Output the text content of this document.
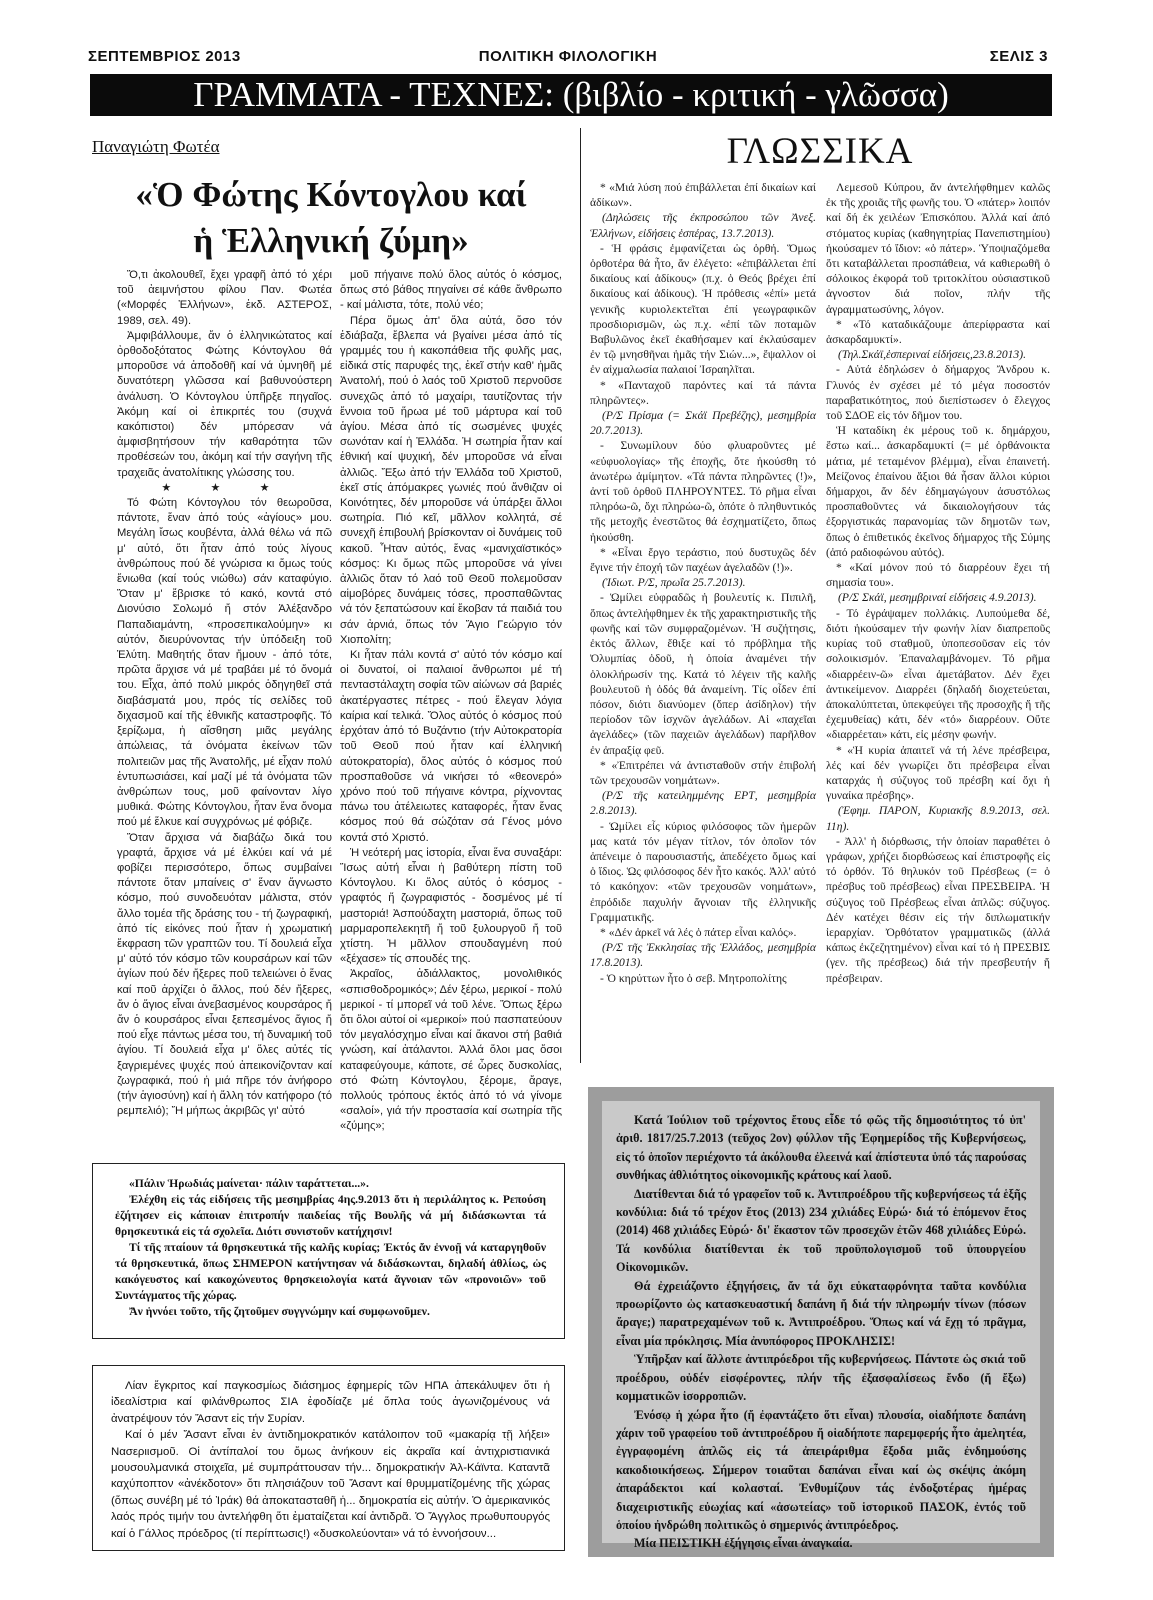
ΣΕΠΤΕΜΒΡΙΟΣ 2013	ΠΟΛΙΤΙΚΗ ΦΙΛΟΛΟΓΙΚΗ	ΣΕΛΙΣ 3
ΓΡΑΜΜΑΤΑ - ΤΕΧΝΕΣ: (βιβλίο - κριτική - γλῶσσα)
Παναγιώτη Φωτέα
«Ὁ Φώτης Κόντογλου καί
ἡ Ἑλληνική ζύμη»

Ὅ,τι ἀκολουθεῖ, ἔχει γραφῆ ἀπό τό χέρι τοῦ ἀειμνήστου φίλου Παν. Φωτέα («Μορφές Ἑλλήνων», ἐκδ. ΑΣΤΕΡΟΣ, 1989, σελ. 49).

Ἀμφιβάλλουμε, ἄν ὁ ἐλληνικώτατος καί ὀρθοδοξότατος Φώτης Κόντογλου θά μποροῦσε νά ἀποδοθῆ καί νά ὑμνηθῆ μέ δυνατότερη γλῶσσα καί βαθυνούστερη ἀνάλυση. Ὁ Κόντογλου ὑπῆρξε πηγαῖος. Ἀκόμη καί οἱ ἐπικριτές του (συχνά κακόπιστοι) δέν μπόρεσαν νά ἀμφισβητήσουν τήν καθαρότητα τῶν προθέσεών του, ἀκόμη καί τήν σαγήνη τῆς τραχειᾶς ἀνατολίτικης γλώσσης του.

★ ★ ★

Τό Φώτη Κόντογλου τόν θεωροῦσα, πάντοτε, ἕναν ἀπό τούς «ἁγίους» μου. Μεγάλη ἴσως κουβέντα, ἀλλά θέλω νά πῶ μ' αὐτό, ὅτι ἦταν ἀπό τούς λίγους ἀνθρώπους πού δέ γνώρισα κι ὅμως τούς ἔνιωθα (καί τούς νιώθω) σάν καταφύγιο. Ὅταν μ' ἔβρισκε τό κακό, κοντά στό Διονύσιο Σολωμό ἤ στόν Ἀλέξανδρο Παπαδιαμάντη, «προσεπικαλούμην» κι αὐτόν, διευρύνοντας τήν ὑπόδειξη τοῦ Ἐλύτη. Μαθητής ὅταν ἤμουν - ἀπό τότε, πρῶτα ἄρχισε νά μέ τραβάει μέ τό ὄνομά του. Εἶχα, ἀπό πολύ μικρός ὁδηγηθεῖ στά διαβάσματά μου, πρός τίς σελίδες τοῦ διχασμοῦ καί τῆς ἐθνικῆς καταστροφῆς. Τό ξερίζωμα, ἡ αἴσθηση μιᾶς μεγάλης ἀπώλειας, τά ὀνόματα ἐκείνων τῶν πολιτειῶν μας τῆς Ἀνατολῆς, μέ εἶχαν πολύ ἐντυπωσιάσει, καί μαζί μέ τά ὀνόματα τῶν ἀνθρώπων τους, μοῦ φαίνονταν λίγο μυθικά. Φώτης Κόντογλου, ἦταν ἕνα ὄνομα πού μέ ἕλκυε καί συγχρόνως μέ φόβιζε.

Ὅταν ἄρχισα νά διαβάζω δικά του γραφτά, ἄρχισε νά μέ ἑλκύει καί νά μέ φοβίζει περισσότερο, ὅπως συμβαίνει πάντοτε ὅταν μπαίνεις σ' ἕναν ἄγνωστο κόσμο, πού συνοδευόταν μάλιστα, στόν ἄλλο τομέα τῆς δράσης του - τή ζωγραφική, ἀπό τίς εἰκόνες πού ἦταν ἡ χρωματική ἔκφραση τῶν γραπτῶν του. Τί δουλειά εἶχα μ' αὐτό τόν κόσμο τῶν κουρσάρων καί τῶν ἁγίων πού δέν ἤξερες ποῦ τελειώνει ὁ ἕνας καί ποῦ ἀρχίζει ὁ ἄλλος, πού δέν ἤξερες, ἄν ὁ ἅγιος εἶναι ἀνεβασμένος κουρσάρος ἤ ἄν ὁ κουρσάρος εἶναι ξεπεσμένος ἅγιος ἤ πού εἶχε πάντως μέσα του, τή δυναμική τοῦ ἁγίου. Τί δουλειά εἶχα μ' ὅλες αὐτές τίς ξαγριεμένες ψυχές πού ἀπεικονίζονταν καί ζωγραφικά, πού ἡ μιά πῆρε τόν ἀνήφορο (τήν ἁγιοσύνη) καί ἡ ἄλλη τόν κατήφορο (τό ρεμπελιό); Ἤ μήπως ἀκριβῶς γι' αὐτό

μοῦ πήγαινε πολύ ὅλος αὐτός ὁ κόσμος, ὅπως στό βάθος πηγαίνει σέ κάθε ἄνθρωπο - καί μάλιστα, τότε, πολύ νέο;

Πέρα ὅμως ἀπ' ὅλα αὐτά, ὅσο τόν ἐδιάβαζα, ἔβλεπα νά βγαίνει μέσα ἀπό τίς γραμμές του ἡ κακοπάθεια τῆς φυλῆς μας, εἰδικά στίς παρυφές της, ἐκεῖ στήν καθ' ἡμᾶς Ἀνατολή, πού ὁ λαός τοῦ Χριστοῦ περνοῦσε συνεχῶς ἀπό τό μαχαίρι, ταυτίζοντας τήν ἔννοια τοῦ ἥρωα μέ τοῦ μάρτυρα καί τοῦ ἁγίου. Μέσα ἀπό τίς σωσμένες ψυχές σωνόταν καί ἡ Ἑλλάδα. Ἡ σωτηρία ἦταν καί ἐθνική καί ψυχική, δέν μποροῦσε νά εἶναι ἀλλιῶς. Ἔξω ἀπό τήν Ἑλλάδα τοῦ Χριστοῦ, ἐκεῖ στίς ἀπόμακρες γωνιές πού ἄνθιζαν οἱ Κοινότητες, δέν μποροῦσε νά ὑπάρξει ἄλλοι σωτηρία. Πιό κεῖ, μᾶλλον κολλητά, σέ συνεχῆ ἐπιβουλή βρίσκονταν οἱ δυνάμεις τοῦ κακοῦ. Ἦταν αὐτός, ἕνας «μανιχαϊστικός» κόσμος: Κι ὅμως πῶς μποροῦσε νά γίνει ἀλλιῶς ὅταν τό λαό τοῦ Θεοῦ πολεμοῦσαν αἱμοβόρες δυνάμεις τόσες, προσπαθῶντας νά τόν ξεπατώσουν καί ἔκοβαν τά παιδιά του σάν ἀρνιά, ὅπως τόν Ἅγιο Γεώργιο τόν Χιοπολίτη;

Κι ἦταν πάλι κοντά σ' αὐτό τόν κόσμο καί οἱ δυνατοί, οἱ παλαιοί ἄνθρωποι μέ τή πενταστάλαχτη σοφία τῶν αἰώνων σά βαριές ἀκατέργαστες πέτρες - πού ἔλεγαν λόγια καίρια καί τελικά. Ὅλος αὐτός ὁ κόσμος πού ἐρχόταν ἀπό τό Βυζάντιο (τήν Αὐτοκρατορία τοῦ Θεοῦ πού ἦταν καί ἑλληνική αὐτοκρατορία), ὅλος αὐτός ὁ κόσμος πού προσπαθοῦσε νά νικήσει τό «θεονερό» χρόνο πού τοῦ πήγαινε κόντρα, ρίχνοντας πάνω του ἀτέλειωτες καταφορές, ἦταν ἕνας κόσμος πού θά σώζόταν σά Γένος μόνο κοντά στό Χριστό.

Ἡ νεότερή μας ἱστορία, εἶναι ἕνα συναξάρι: Ἴσως αὐτή εἶναι ἡ βαθύτερη πίστη τοῦ Κόντογλου. Κι ὅλος αὐτός ὁ κόσμος - γραφτός ἤ ζωγραφιστός - δοσμένος μέ τί μαστοριά! Ἀσπούδαχτη μαστοριά, ὅπως τοῦ μαρμαροπελεκητῆ ἤ τοῦ ξυλουργοῦ ἤ τοῦ χτίστη. Ἡ μᾶλλον σπουδαγμένη πού «ξέχασε» τίς σπουδές της.

Ἀκραῖος, ἀδιάλλακτος, μονολιθικός «σπισθοδρομικός»; Δέν ξέρω, μερικοί - πολύ μερικοί - τί μπορεῖ νά τοῦ λένε. Ὅπως ξέρω ὅτι ὅλοι αὐτοί οἱ «μερικοί» πού πασπατεύουν τόν μεγαλόσχημο εἶναι καί ἄκανοι στή βαθιά γνώση, καί ἀτάλαντοι. Ἀλλά ὅλοι μας ὅσοι καταφεύγουμε, κάποτε, σέ ὧρες δυσκολίας, στό Φώτη Κόντογλου, ξέρομε, ἄραγε, πολλούς τρόπους ἐκτός ἀπό τό νά γίνομε «σαλοί», γιά τήν προστασία καί σωτηρία τῆς «ζύμης»;

ΓΛΩΣΣΙΚΑ

* «Μιά λύση πού ἐπιβάλλεται ἐπί δικαίων καί ἀδίκων».

(Δηλώσεις τῆς ἐκπροσώπου τῶν Ἀνεξ. Ἑλλήνων, εἰδήσεις ἑσπέρας, 13.7.2013).

- Ἡ φράσις ἐμφανίζεται ὡς ὀρθή. Ὅμως ὀρθοτέρα θά ἦτο, ἄν ἐλέγετο: «ἐπιβάλλεται ἐπί δικαίους καί ἀδίκους» (π.χ. ὁ Θεός βρέχει ἐπί δικαίους καί ἀδίκους). Ἡ πρόθεσις «ἐπί» μετά γενικῆς κυριολεκτεῖται ἐπί γεωγραφικῶν προσδιορισμῶν, ὡς π.χ. «ἐπί τῶν ποταμῶν Βαβυλῶνος ἐκεῖ ἐκαθήσαμεν καί ἐκλαύσαμεν ἐν τῷ μνησθῆναι ἡμᾶς τήν Σιών...», ἔψαλλον οἱ ἐν αἰχμαλωσία παλαιοί Ἰσραηλῖται.

* «Πανταχοῦ παρόντες καί τά πάντα πληρῶντες».

(Ρ/Σ Πρίσμα (= Σκάϊ Πρεβέζης), μεσημβρία 20.7.2013).

- Συνωμίλουν δύο φλυαροῦντες μέ «εὐφυολογίας» τῆς ἐποχῆς, ὅτε ἠκούσθη τό ἀνωτέρω ἀμίμητον. «Τά πάντα πληρῶντες (!)», ἀντί τοῦ ὀρθοῦ ΠΛΗΡΟΥΝΤΕΣ. Τό ρῆμα εἶναι πληρόω-ῶ, ὄχι πληρώω-ῶ, ὁπότε ὁ πληθυντικός τῆς μετοχῆς ἐνεστῶτος θά ἐσχηματίζετο, ὅπως ἠκούσθη.

* «Εἶναι ἔργο τεράστιο, πού δυστυχῶς δέν ἔγινε τήν ἐποχή τῶν παχέων ἀγελαδῶν (!)».

(Ἰδιωτ. Ρ/Σ, πρωΐα 25.7.2013).

- Ὡμίλει εὐφραδῶς ἡ βουλευτίς κ. Πιπιλῆ, ὅπως ἀντελήφθημεν ἐκ τῆς χαρακτηριστικῆς τῆς φωνῆς καί τῶν συμφραζομένων. Ἡ συζήτησις, ἐκτός ἄλλων, ἔθιξε καί τό πρόβλημα τῆς Ὀλυμπίας ὁδοῦ, ἡ ὁποία ἀναμένει τήν ὁλοκλήρωσίν της. Κατά τό λέγειν τῆς καλῆς βουλευτοῦ ἡ ὁδός θά ἀναμείνη. Τίς οἶδεν ἐπί πόσον, διότι διανύομεν (ὅπερ ἀσίδηλον) τήν περίοδον τῶν ἰσχνῶν ἀγελάδων. Αἱ «παχεῖαι ἀγελάδες» (τῶν παχειῶν ἀγελάδων) παρῆλθον ἐν ἀπραξίᾳ φεῦ.

* «Ἐπιτρέπει νά ἀντισταθοῦν στήν ἐπιβολή τῶν τρεχουσῶν νοημάτων».

(Ρ/Σ τῆς κατειλημμένης ΕΡΤ, μεσημβρία 2.8.2013).

- Ὡμίλει εἷς κύριος φιλόσοφος τῶν ἡμερῶν μας κατά τόν μέγαν τίτλον, τόν ὁποῖον τόν ἀπένειμε ὁ παρουσιαστής, ἀπεδέχετο ὅμως καί ὁ ἴδιος. Ὡς φιλόσοφος δέν ἦτο κακός. Ἀλλ' αὐτό τό κακόηχον: «τῶν τρεχουσῶν νοημάτων», ἐπρόδιδε παχυλήν ἄγνοιαν τῆς ἑλληνικῆς Γραμματικῆς.

* «Δέν ἀρκεῖ νά λές ὁ πάτερ εἶναι καλός».

(Ρ/Σ τῆς Ἐκκλησίας τῆς Ἑλλάδος, μεσημβρία 17.8.2013).

- Ὁ κηρύττων ἦτο ὁ σεβ. Μητροπολίτης

Λεμεσοῦ Κύπρου, ἄν ἀντελήφθημεν καλῶς ἐκ τῆς χροιᾶς τῆς φωνῆς του. Ὁ «πάτερ» λοιπόν καί δή ἐκ χειλέων Ἐπισκόπου. Ἀλλά καί ἀπό στόματος κυρίας (καθηγητρίας Πανεπιστημίου) ἠκούσαμεν τό ἴδιον: «ὁ πάτερ». Ὑποψιαζόμεθα ὅτι καταβάλλεται προσπάθεια, νά καθιερωθῆ ὁ σόλοικος ἐκφορά τοῦ τριτοκλίτου οὐσιαστικοῦ ἀγνοστον διά ποῖον, πλήν τῆς ἀγραμματωσύνης, λόγον.

* «Τό καταδικάζουμε ἀπερίφραστα καί ἀσκαρδαμυκτί».

(Τηλ.Σκάϊ,ἑσπεριναί εἰδήσεις,23.8.2013).

- Αὐτά ἐδηλώσεν ὁ δήμαρχος Ἄνδρου κ. Γλυνός ἐν σχέσει μέ τό μέγα ποσοστόν παραβατικότητος, πού διεπίστωσεν ὁ ἔλεγχος τοῦ ΣΔΟΕ εἰς τόν δῆμον του.

Ἡ καταδίκη ἐκ μέρους τοῦ κ. δημάρχου, ἔστω καί... ἀσκαρδαμυκτί (= μέ ὀρθάνοικτα μάτια, μέ τεταμένον βλέμμα), εἶναι ἐπαινετή. Μείζονος ἐπαίνου ἄξιοι θά ἦσαν ἄλλοι κύριοι δήμαρχοι, ἄν δέν ἐδημαγώγουν ἀσυστόλως προσπαθοῦντες νά δικαιολογήσουν τάς ἐξοργιστικάς παρανομίας τῶν δημοτῶν των, ὅπως ὁ ἐπιθετικός ἐκεῖνος δήμαρχος τῆς Σύμης (ἀπό ραδιοφώνου αὐτός).

* «Καί μόνον πού τό διαρρέουν ἔχει τή σημασία του».

(Ρ/Σ Σκάϊ, μεσημβριναί εἰδήσεις 4.9.2013).

- Τό ἐγράψαμεν πολλάκις. Λυπούμεθα δέ, διότι ἠκούσαμεν τήν φωνήν λίαν διαπρεποῦς κυρίας τοῦ σταθμοῦ, ὑποπεσοῦσαν εἰς τόν σολοικισμόν. Ἐπαναλαμβάνομεν. Τό ρῆμα «διαρρέειν-ῶ» εἶναι ἀμετάβατον. Δέν ἔχει ἀντικείμενον. Διαρρέει (δηλαδή διοχετεύεται, ἀποκαλύπτεται, ὑπεκφεύγει τῆς προσοχῆς ἤ τῆς ἐχεμυθείας) κάτι, δέν «τό» διαρρέουν. Οὔτε «διαρρέεται» κάτι, εἰς μέσην φωνήν.

* «Ἡ κυρία ἀπαιτεῖ νά τή λένε πρέσβειρα, λές καί δέν γνωρίζει ὅτι πρέσβειρα εἶναι καταρχάς ἡ σύζυγος τοῦ πρέσβη καί ὄχι ἡ γυναίκα πρέσβης».

(Ἐφημ. ΠΑΡΟΝ, Κυριακῆς 8.9.2013, σελ. 11η).

- Ἀλλ' ἡ διόρθωσις, τήν ὁποίαν παραθέτει ὁ γράφων, χρήζει διορθώσεως καί ἐπιστροφῆς εἰς τό ὀρθόν. Τό θηλυκόν τοῦ Πρέσβεως (= ὁ πρέσβυς τοῦ πρέσβεως) εἶναι ΠΡΕΣΒΕΙΡΑ. Ἡ σύζυγος τοῦ Πρέσβεως εἶναι ἁπλῶς: σύζυγος. Δέν κατέχει θέσιν εἰς τήν διπλωματικήν ἱεραρχίαν. Ὀρθότατον γραμματικῶς (ἀλλά κάπως ἐκζεζητημένον) εἶναι καί τό ἡ ΠΡΕΣΒΙΣ (γεν. τῆς πρέσβεως) διά τήν πρεσβευτήν ἤ πρέσβειραν.

«Πάλιν Ἡρωδιάς μαίνεται· πάλιν ταράττεται...».

Ἐλέχθη εἰς τάς εἰδήσεις τῆς μεσημβρίας 4ης.9.2013 ὅτι ἡ περιλάλητος κ. Ρεπούση ἐζήτησεν εἰς κάποιαν ἐπιτροπήν παιδείας τῆς Βουλῆς νά μή διδάσκωνται τά θρησκευτικά εἰς τά σχολεῖα. Διότι συνιστοῦν κατήχησιν!

Τί τῆς πταίουν τά θρησκευτικά τῆς καλῆς κυρίας; Ἐκτός ἄν ἐννοῇ νά καταργηθοῦν τά θρησκευτικά, ὅπως ΣΗΜΕΡΟΝ κατήντησαν νά διδάσκωνται, δηλαδή ἀθλίως, ὡς κακόγευστος καί κακοχώνευτος θρησκειολογία κατά ἄγνοιαν τῶν «προνοιῶν» τοῦ Συντάγματος τῆς χώρας.

Ἄν ἠννόει τοῦτο, τῆς ζητοῦμεν συγγνώμην καί συμφωνοῦμεν.

Λίαν ἔγκριτος καί παγκοσμίως διάσημος ἐφημερίς τῶν ΗΠΑ ἀπεκάλυψεν ὅτι ἡ ἰδεαλίστρια καί φιλάνθρωπος ΣΙΑ ἐφοδίαζε μέ ὅπλα τούς ἀγωνιζομένους νά ἀνατρέψουν τόν Ἄσαντ εἰς τήν Συρίαν.

Καί ὁ μέν Ἄσαντ εἶναι ἐν ἀντιδημοκρατικόν κατάλοιπον τοῦ «μακαρίᾳ τῇ λήξει» Νασεριισμοῦ. Οἱ ἀντίπαλοί του ὅμως ἀνήκουν εἰς ἀκραῖα καί ἀντιχριστιανικά μουσουλμανικά στοιχεῖα, μέ συμπράττουσαν τήν... δημοκρατικήν Ἀλ-Κάϊντα. Καταντᾶ καχύποπτον «ἀνέκδοτον» ὅτι πλησιάζουν τοῦ Ἄσαντ καί θρυμματίζομένης τῆς χώρας (ὅπως συνέβη μέ τό Ἰράκ) θά ἀποκατασταθῆ ἡ... δημοκρατία εἰς αὐτήν. Ὁ ἀμερικανικός λαός πρός τιμήν του ἀντελήφθη ὅτι ἐματαίζεται καί ἀντιδρᾶ. Ὁ Ἄγγλος πρωθυπουργός καί ὁ Γάλλος πρόεδρος (τί περίπτωσις!) «δυσκολεύονται» νά τό ἐννοήσουν...

Κατά Ἰούλιον τοῦ τρέχοντος ἔτους εἶδε τό φῶς τῆς δημοσιότητος τό ὑπ' ἀριθ. 1817/25.7.2013 (τεῦχος 2ον) φύλλον τῆς Ἐφημερίδος τῆς Κυβερνήσεως, εἰς τό ὁποῖον περιέχοντο τά ἀκόλουθα ἐλεεινά καί ἀπίστευτα ὑπό τάς παρούσας συνθήκας ἀθλιότητος οἰκονομικῆς κράτους καί λαοῦ.

Διατίθενται διά τό γραφεῖον τοῦ κ. Ἀντιπροέδρου τῆς κυβερνήσεως τά ἑξῆς κονδύλια: διά τό τρέχον ἔτος (2013) 234 χιλιάδες Εὐρώ· διά τό ἑπόμενον ἔτος (2014) 468 χιλιάδες Εὐρώ· δι' ἕκαστον τῶν προσεχῶν ἐτῶν 468 χιλιάδες Εὐρώ. Τά κονδύλια διατίθενται ἐκ τοῦ προϋπολογισμοῦ τοῦ ὑπουργείου Οἰκονομικῶν.

Θά ἐχρειάζοντο ἐξηγήσεις, ἄν τά ὄχι εὐκαταφρόνητα ταῦτα κονδύλια προωρίζοντο ὡς κατασκευαστική δαπάνη ἤ διά τήν πληρωμήν τίνων (πόσων ἄραγε;) παρατρεχαμένων τοῦ κ. Ἀντιπροέδρου. Ὅπως καί νά ἔχῃ τό πρᾶγμα, εἶναι μία πρόκλησις. Μία ἀνυπόφορος ΠΡΟΚΛΗΣΙΣ!

Ὑπῆρξαν καί ἄλλοτε ἀντιπρόεδροι τῆς κυβερνήσεως. Πάντοτε ὡς σκιά τοῦ προέδρου, οὐδέν εἰσφέροντες, πλήν τῆς ἐξασφαλίσεως ἔνδο (ἤ ἔξω) κομματικῶν ἰσορροπιῶν.

Ἐνόσῳ ἡ χώρα ἦτο (ἤ ἐφαντάζετο ὅτι εἶναι) πλουσία, οἱαδήποτε δαπάνη χάριν τοῦ γραφείου τοῦ ἀντιπροέδρου ἤ οἱαδήποτε παρεμφερής ἦτο ἀμελητέα, ἐγγραφομένη ἁπλῶς εἰς τά ἀπειράριθμα ἔξοδα μιᾶς ἐνδημούσης κακοδιοικήσεως. Σήμερον τοιαῦται δαπάναι εἶναι καί ὡς σκέψις ἀκόμη ἀπαράδεκτοι καί κολασταί. Ἐνθυμίζουν τάς ἐνδοξοτέρας ἡμέρας διαχειριστικῆς εὐωχίας καί «ἀσωτείας» τοῦ ἱστορικοῦ ΠΑΣΟΚ, ἐντός τοῦ ὁποίου ἠνδρώθη πολιτικῶς ὁ σημερινός ἀντιπρόεδρος.

Μία ΠΕΙΣΤΙΚΗ ἐξήγησις εἶναι ἀναγκαία.
